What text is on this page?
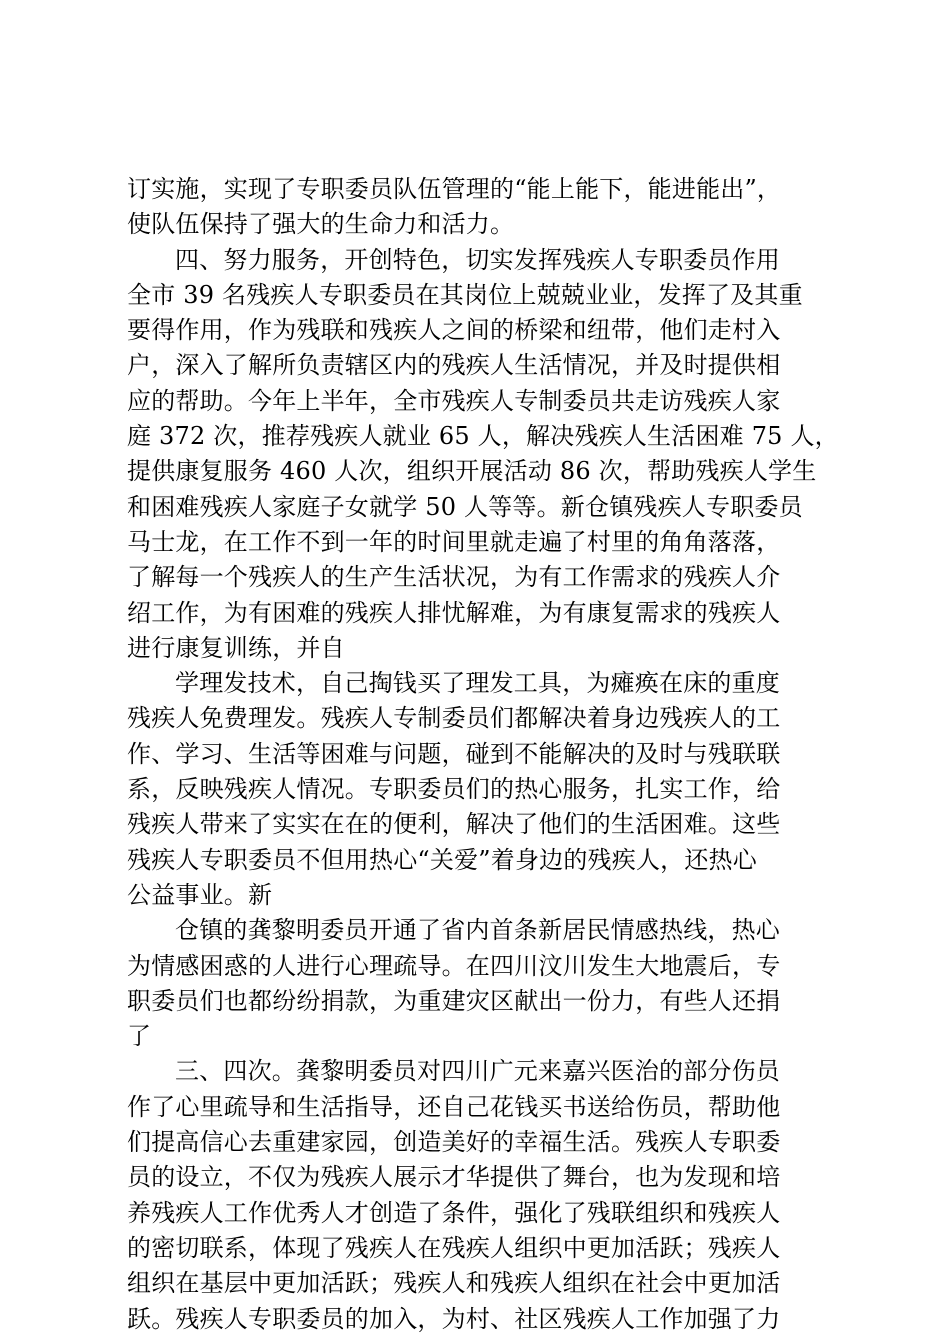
订实施，实现了专职委员队伍管理的“能上能下，能进能出”，
使队伍保持了强大的生命力和活力。
四、努力服务，开创特色，切实发挥残疾人专职委员作用
全市 39 名残疾人专职委员在其岗位上兢兢业业，发挥了及其重
要得作用，作为残联和残疾人之间的桥梁和纽带，他们走村入
户，深入了解所负责辖区内的残疾人生活情况，并及时提供相
应的帮助。今年上半年，全市残疾人专制委员共走访残疾人家
庭 372 次，推荐残疾人就业 65 人，解决残疾人生活困难 75 人，
提供康复服务 460 人次，组织开展活动 86 次，帮助残疾人学生
和困难残疾人家庭子女就学 50 人等等。新仓镇残疾人专职委员
马士龙，在工作不到一年的时间里就走遍了村里的角角落落，
了解每一个残疾人的生产生活状况，为有工作需求的残疾人介
绍工作，为有困难的残疾人排忧解难，为有康复需求的残疾人
进行康复训练，并自
学理发技术，自己掏钱买了理发工具，为瘫痪在床的重度
残疾人免费理发。残疾人专制委员们都解决着身边残疾人的工
作、学习、生活等困难与问题，碰到不能解决的及时与残联联
系，反映残疾人情况。专职委员们的热心服务，扎实工作，给
残疾人带来了实实在在的便利，解决了他们的生活困难。这些
残疾人专职委员不但用热心“关爱”着身边的残疾人，还热心
公益事业。新
仓镇的龚黎明委员开通了省内首条新居民情感热线，热心
为情感困惑的人进行心理疏导。在四川汶川发生大地震后，专
职委员们也都纷纷捐款，为重建灾区献出一份力，有些人还捐
了
三、四次。龚黎明委员对四川广元来嘉兴医治的部分伤员
作了心里疏导和生活指导，还自己花钱买书送给伤员，帮助他
们提高信心去重建家园，创造美好的幸福生活。残疾人专职委
员的设立，不仅为残疾人展示才华提供了舞台，也为发现和培
养残疾人工作优秀人才创造了条件，强化了残联组织和残疾人
的密切联系，体现了残疾人在残疾人组织中更加活跃；残疾人
组织在基层中更加活跃；残疾人和残疾人组织在社会中更加活
跃。残疾人专职委员的加入，为村、社区残疾人工作加强了力
